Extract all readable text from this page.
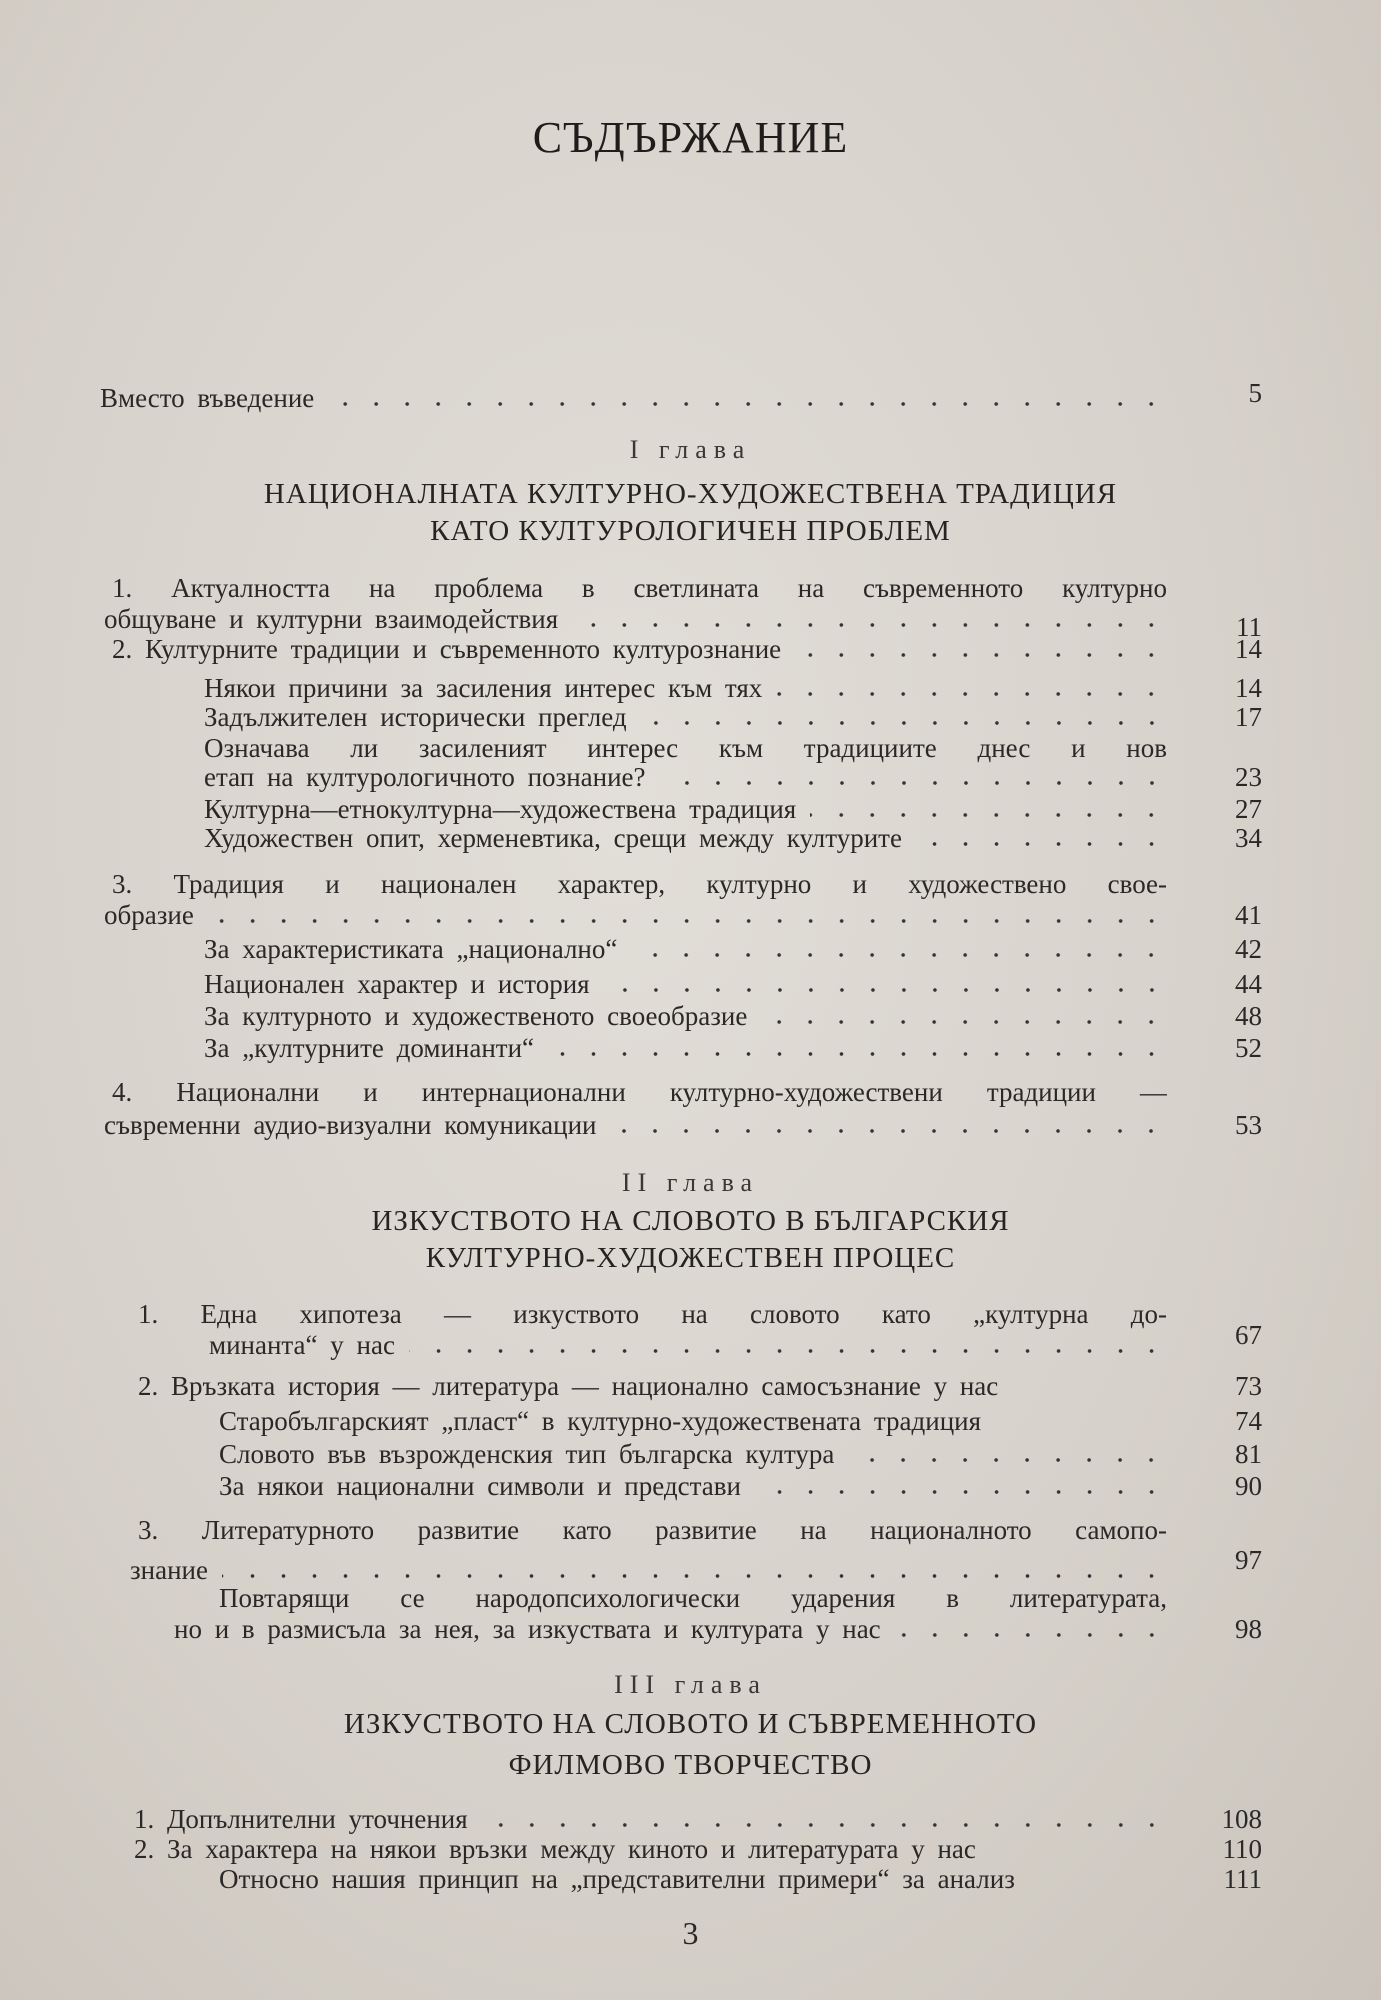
СЪДЪРЖАНИЕ
Вместо въведение	5
I глава
НАЦИОНАЛНАТА КУЛТУРНО-ХУДОЖЕСТВЕНА ТРАДИЦИЯ
КАТО КУЛТУРОЛОГИЧЕН ПРОБЛЕМ
1. Актуалността на проблема в светлината на съвременното културно
общуване и културни взаимодействия	11
2. Културните традиции и съвременното културознание	14
Някои причини за засиления интерес към тях	14
Задължителен исторически преглед	17
Означава ли засиленият интерес към традициите днес и нов
етап на културологичното познание?	23
Културна—етнокултурна—художествена традиция	27
Художествен опит, херменевтика, срещи между културите	34
3. Традиция и национален характер, културно и художествено свое-
образие	41
За характеристиката „национално“	42
Национален характер и история	44
За културното и художественото своеобразие	48
За „културните доминанти“	52
4. Национални и интернационални културно-художествени традиции —
съвременни аудио-визуални комуникации	53
II глава
ИЗКУСТВОТО НА СЛОВОТО В БЪЛГАРСКИЯ
КУЛТУРНО-ХУДОЖЕСТВЕН ПРОЦЕС
1. Една хипотеза — изкуството на словото като „културна до-
минанта“ у нас	67
2. Връзката история — литература — национално самосъзнание у нас	73
Старобългарският „пласт“ в културно-художествената традиция	74
Словото във възрожденския тип българска култура	81
За някои национални символи и представи	90
3. Литературното развитие като развитие на националното самопо-
знание	97
Повтарящи се народопсихологически ударения в литературата,
но и в размисъла за нея, за изкуствата и културата у нас	98
III глава
ИЗКУСТВОТО НА СЛОВОТО И СЪВРЕМЕННОТО
ФИЛМОВО ТВОРЧЕСТВО
1. Допълнителни уточнения	108
2. За характера на някои връзки между киното и литературата у нас	110
Относно нашия принцип на „представителни примери“ за анализ	111
3
